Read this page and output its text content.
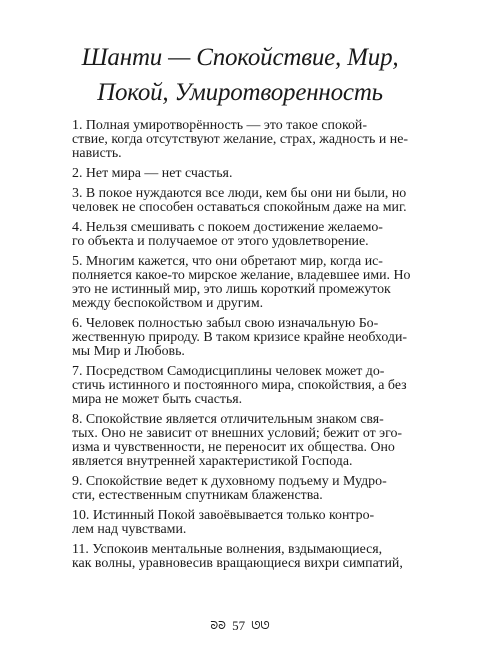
Шанти — Спокойствие, Мир,
Покой, Умиротворенность

1. Полная умиротворённость — это такое спокой-
ствие, когда отсутствуют желание, страх, жадность и не-
нависть.

2. Нет мира — нет счастья.

3. В покое нуждаются все люди, кем бы они ни были, но
человек не способен оставаться спокойным даже на миг.

4. Нельзя смешивать с покоем достижение желаемо-
го объекта и получаемое от этого удовлетворение.

5. Многим кажется, что они обретают мир, когда ис-
полняется какое-то мирское желание, владевшее ими. Но
это не истинный мир, это лишь короткий промежуток
между беспокойством и другим.

6. Человек полностью забыл свою изначальную Бо-
жественную природу. В таком кризисе крайне необходи-
мы Мир и Любовь.

7. Посредством Самодисциплины человек может до-
стичь истинного и постоянного мира, спокойствия, а без
мира не может быть счастья.

8. Спокойствие является отличительным знаком свя-
тых. Оно не зависит от внешних условий; бежит от эго-
изма и чувственности, не переносит их общества. Оно
является внутренней характеристикой Господа.

9. Спокойствие ведет к духовному подъему и Мудро-
сти, естественным спутникам блаженства.

10. Истинный Покой завоёвывается только контро-
лем над чувствами.

11. Успокоив ментальные волнения, вздымающиеся,
как волны, уравновесив вращающиеся вихри симпатий,

ᘐᘐ 57 ᘎᘎ
